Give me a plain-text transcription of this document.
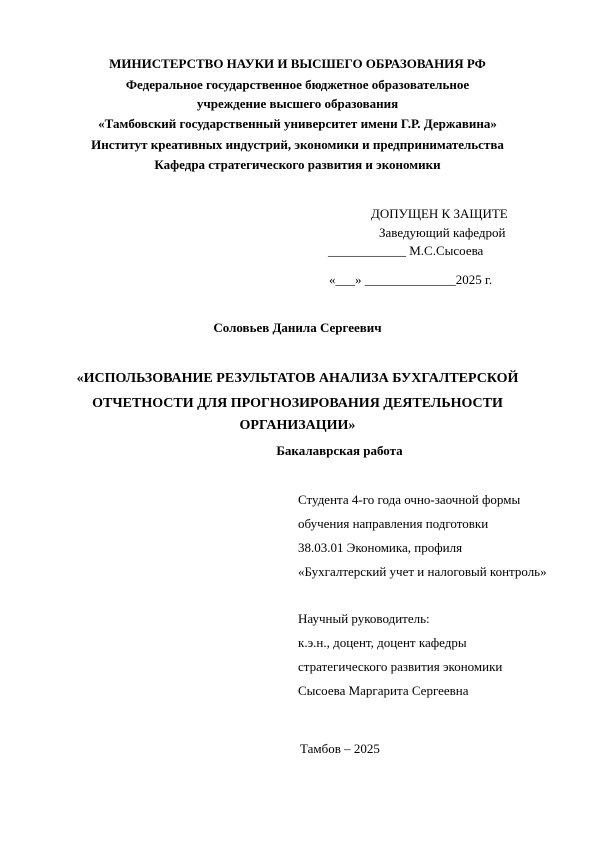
МИНИСТЕРСТВО НАУКИ И ВЫСШЕГО ОБРАЗОВАНИЯ РФ
Федеральное государственное бюджетное образовательное
учреждение высшего образования
«Тамбовский государственный университет имени Г.Р. Державина»
Институт креативных индустрий, экономики и предпринимательства
Кафедра стратегического развития и экономики
ДОПУЩЕН К ЗАЩИТЕ
Заведующий кафедрой
____________ М.С.Сысоева
«___» ______________2025 г.
Соловьев Данила Сергеевич
«ИСПОЛЬЗОВАНИЕ РЕЗУЛЬТАТОВ АНАЛИЗА БУХГАЛТЕРСКОЙ
ОТЧЕТНОСТИ ДЛЯ ПРОГНОЗИРОВАНИЯ ДЕЯТЕЛЬНОСТИ
ОРГАНИЗАЦИИ»
Бакалаврская работа
Студента 4-го года очно-заочной формы
обучения направления подготовки
38.03.01 Экономика, профиля
«Бухгалтерский учет и налоговый контроль»
Научный руководитель:
к.э.н., доцент, доцент кафедры
стратегического развития экономики
Сысоева Маргарита Сергеевна
Тамбов – 2025
